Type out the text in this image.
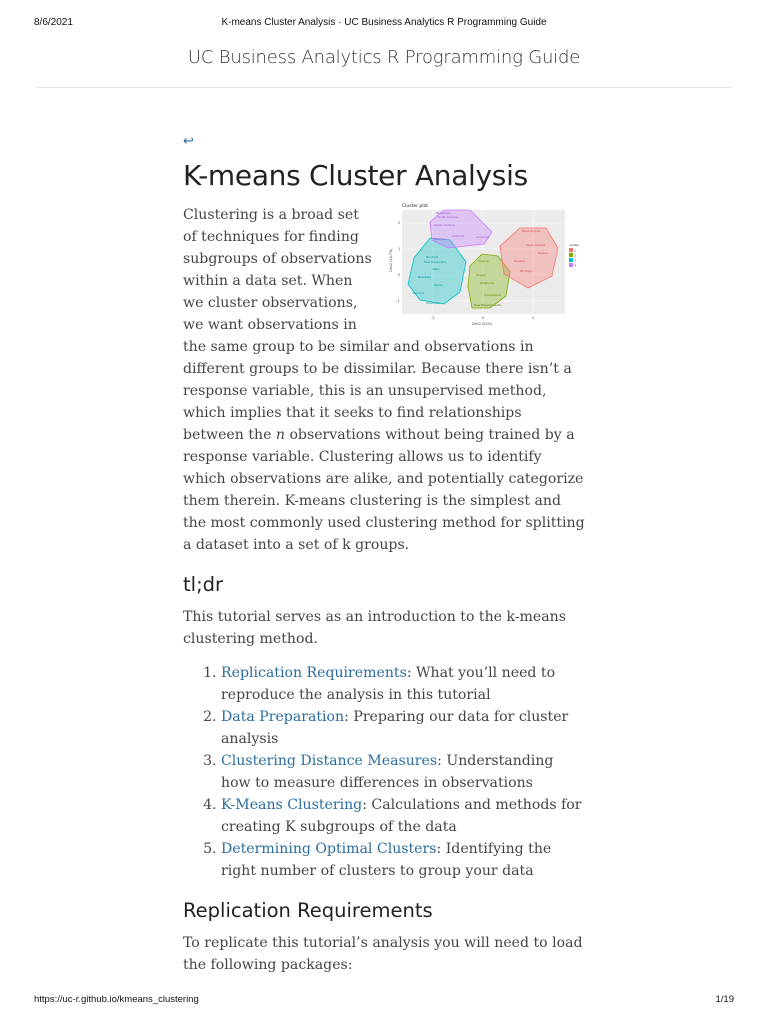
8/6/2021	K-means Cluster Analysis · UC Business Analytics R Programming Guide
UC Business Analytics R Programming Guide
↩
K-means Cluster Analysis
Cluster plot
Mississippi
North Carolina
South Carolina
Georgia
Alabama	Louisiana
Montana
New Hampshire
Idaho
Nebraska
Maine
Vermont
Wisconsin
Virginia
Oregon
Oklahoma
Connecticut
New Massachusetts
West Virginia
South Dakota
Hawaii
Nevada
Michigan
-2	0	2
2
1
0
-1
Dim1 (62%)
Dim2 (24.7%)
cluster
1
2
3
4

Clustering is a broad set of techniques for finding subgroups of observations within a data set. When we cluster observations, we want observations in the same group to be similar and observations in different groups to be dissimilar. Because there isn’t a response variable, this is an unsupervised method, which implies that it seeks to find relationships between the n observations without being trained by a response variable. Clustering allows us to identify which observations are alike, and potentially categorize them therein. K-means clustering is the simplest and the most commonly used clustering method for splitting a dataset into a set of k groups.

tl;dr

This tutorial serves as an introduction to the k-means clustering method.

1. Replication Requirements: What you’ll need to reproduce the analysis in this tutorial
2. Data Preparation: Preparing our data for cluster analysis
3. Clustering Distance Measures: Understanding how to measure differences in observations
4. K-Means Clustering: Calculations and methods for creating K subgroups of the data
5. Determining Optimal Clusters: Identifying the right number of clusters to group your data
Replication Requirements

To replicate this tutorial’s analysis you will need to load the following packages:

https://uc-r.github.io/kmeans_clustering	1/19
